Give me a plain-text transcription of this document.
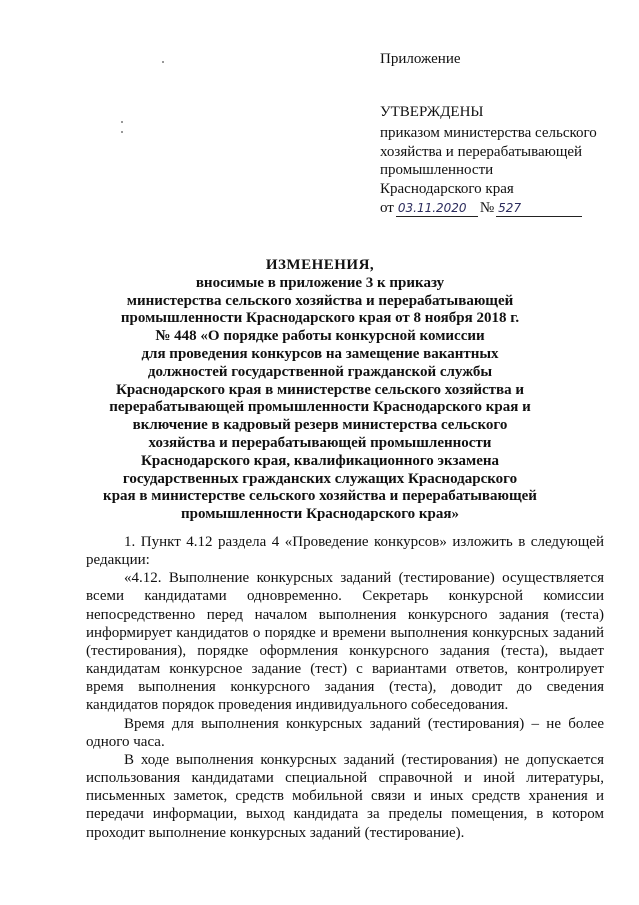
Приложение
УТВЕРЖДЕНЫ
приказом министерства сельского
хозяйства и перерабатывающей
промышленности
Краснодарского края
от 03.11.2020 № 527
ИЗМЕНЕНИЯ,
вносимые в приложение 3 к приказу
министерства сельского хозяйства и перерабатывающей
промышленности Краснодарского края от 8 ноября 2018 г.
№ 448 «О порядке работы конкурсной комиссии
для проведения конкурсов на замещение вакантных
должностей государственной гражданской службы
Краснодарского края в министерстве сельского хозяйства и
перерабатывающей промышленности Краснодарского края и
включение в кадровый резерв министерства сельского
хозяйства и перерабатывающей промышленности
Краснодарского края, квалификационного экзамена
государственных гражданских служащих Краснодарского
края в министерстве сельского хозяйства и перерабатывающей
промышленности Краснодарского края»

1. Пункт 4.12 раздела 4 «Проведение конкурсов» изложить в следующей редакции:

«4.12. Выполнение конкурсных заданий (тестирование) осуществляется всеми кандидатами одновременно. Секретарь конкурсной комиссии непосредственно перед началом выполнения конкурсного задания (теста) информирует кандидатов о порядке и времени выполнения конкурсных заданий (тестирования), порядке оформления конкурсного задания (теста), выдает кандидатам конкурсное задание (тест) с вариантами ответов, контролирует время выполнения конкурсного задания (теста), доводит до сведения кандидатов порядок проведения индивидуального собеседования.

Время для выполнения конкурсных заданий (тестирования) – не более одного часа.

В ходе выполнения конкурсных заданий (тестирования) не допускается использования кандидатами специальной справочной и иной литературы, письменных заметок, средств мобильной связи и иных средств хранения и передачи информации, выход кандидата за пределы помещения, в котором проходит выполнение конкурсных заданий (тестирование).
